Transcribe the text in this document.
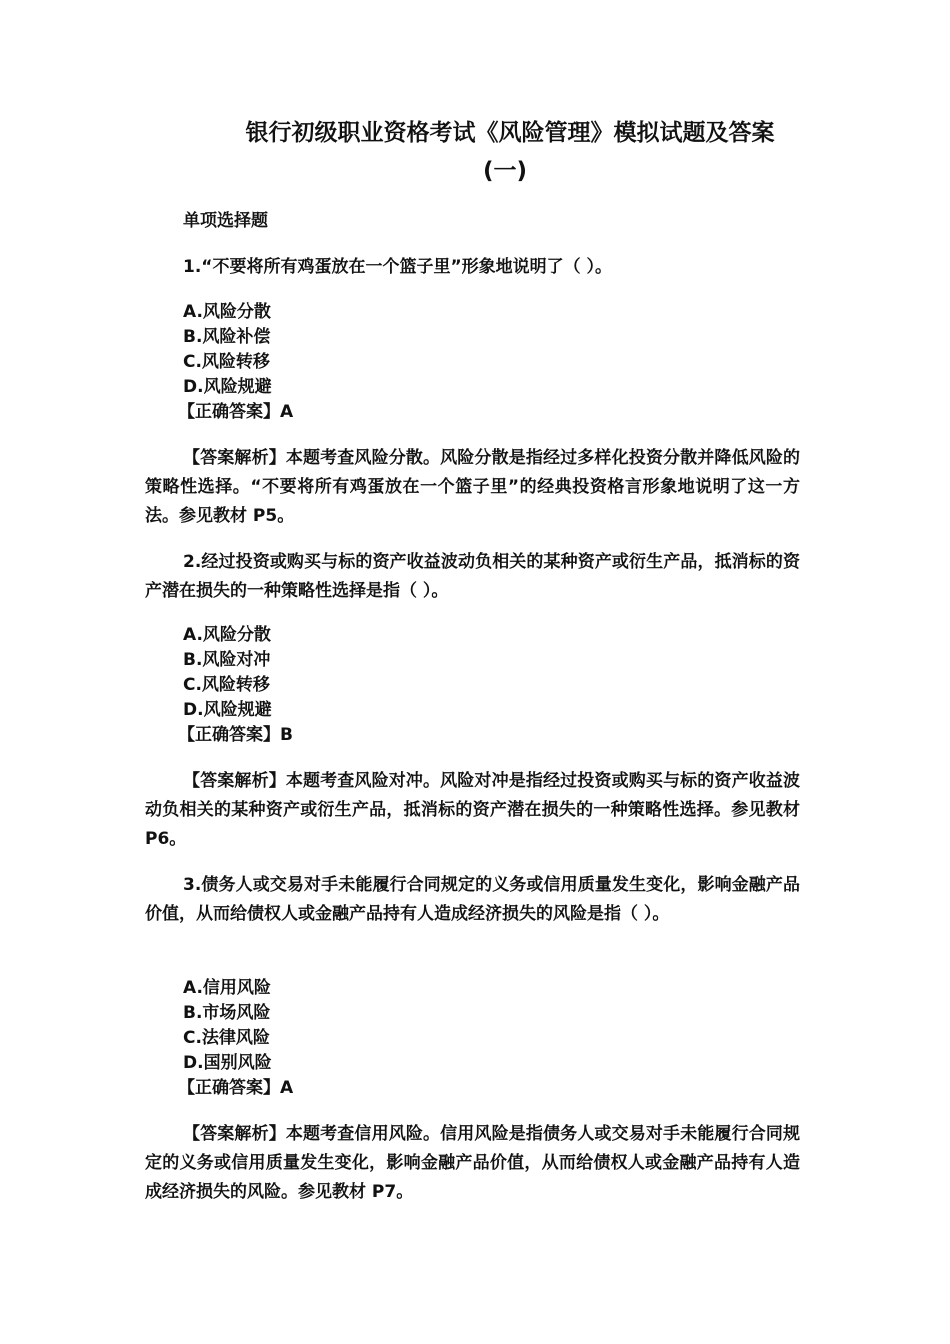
银行初级职业资格考试《风险管理》模拟试题及答案
(一)
单项选择题
1.“不要将所有鸡蛋放在一个篮子里”形象地说明了（ ）。
A.风险分散
B.风险补偿
C.风险转移
D.风险规避
【正确答案】A
【答案解析】本题考查风险分散。风险分散是指经过多样化投资分散并降低风险的策略性选择。“不要将所有鸡蛋放在一个篮子里”的经典投资格言形象地说明了这一方法。参见教材 P5。
2.经过投资或购买与标的资产收益波动负相关的某种资产或衍生产品，抵消标的资产潜在损失的一种策略性选择是指（ ）。
A.风险分散
B.风险对冲
C.风险转移
D.风险规避
【正确答案】B
【答案解析】本题考查风险对冲。风险对冲是指经过投资或购买与标的资产收益波动负相关的某种资产或衍生产品，抵消标的资产潜在损失的一种策略性选择。参见教材 P6。
3.债务人或交易对手未能履行合同规定的义务或信用质量发生变化，影响金融产品价值，从而给债权人或金融产品持有人造成经济损失的风险是指（ ）。
A.信用风险
B.市场风险
C.法律风险
D.国别风险
【正确答案】A
【答案解析】本题考查信用风险。信用风险是指债务人或交易对手未能履行合同规定的义务或信用质量发生变化，影响金融产品价值，从而给债权人或金融产品持有人造成经济损失的风险。参见教材 P7。
